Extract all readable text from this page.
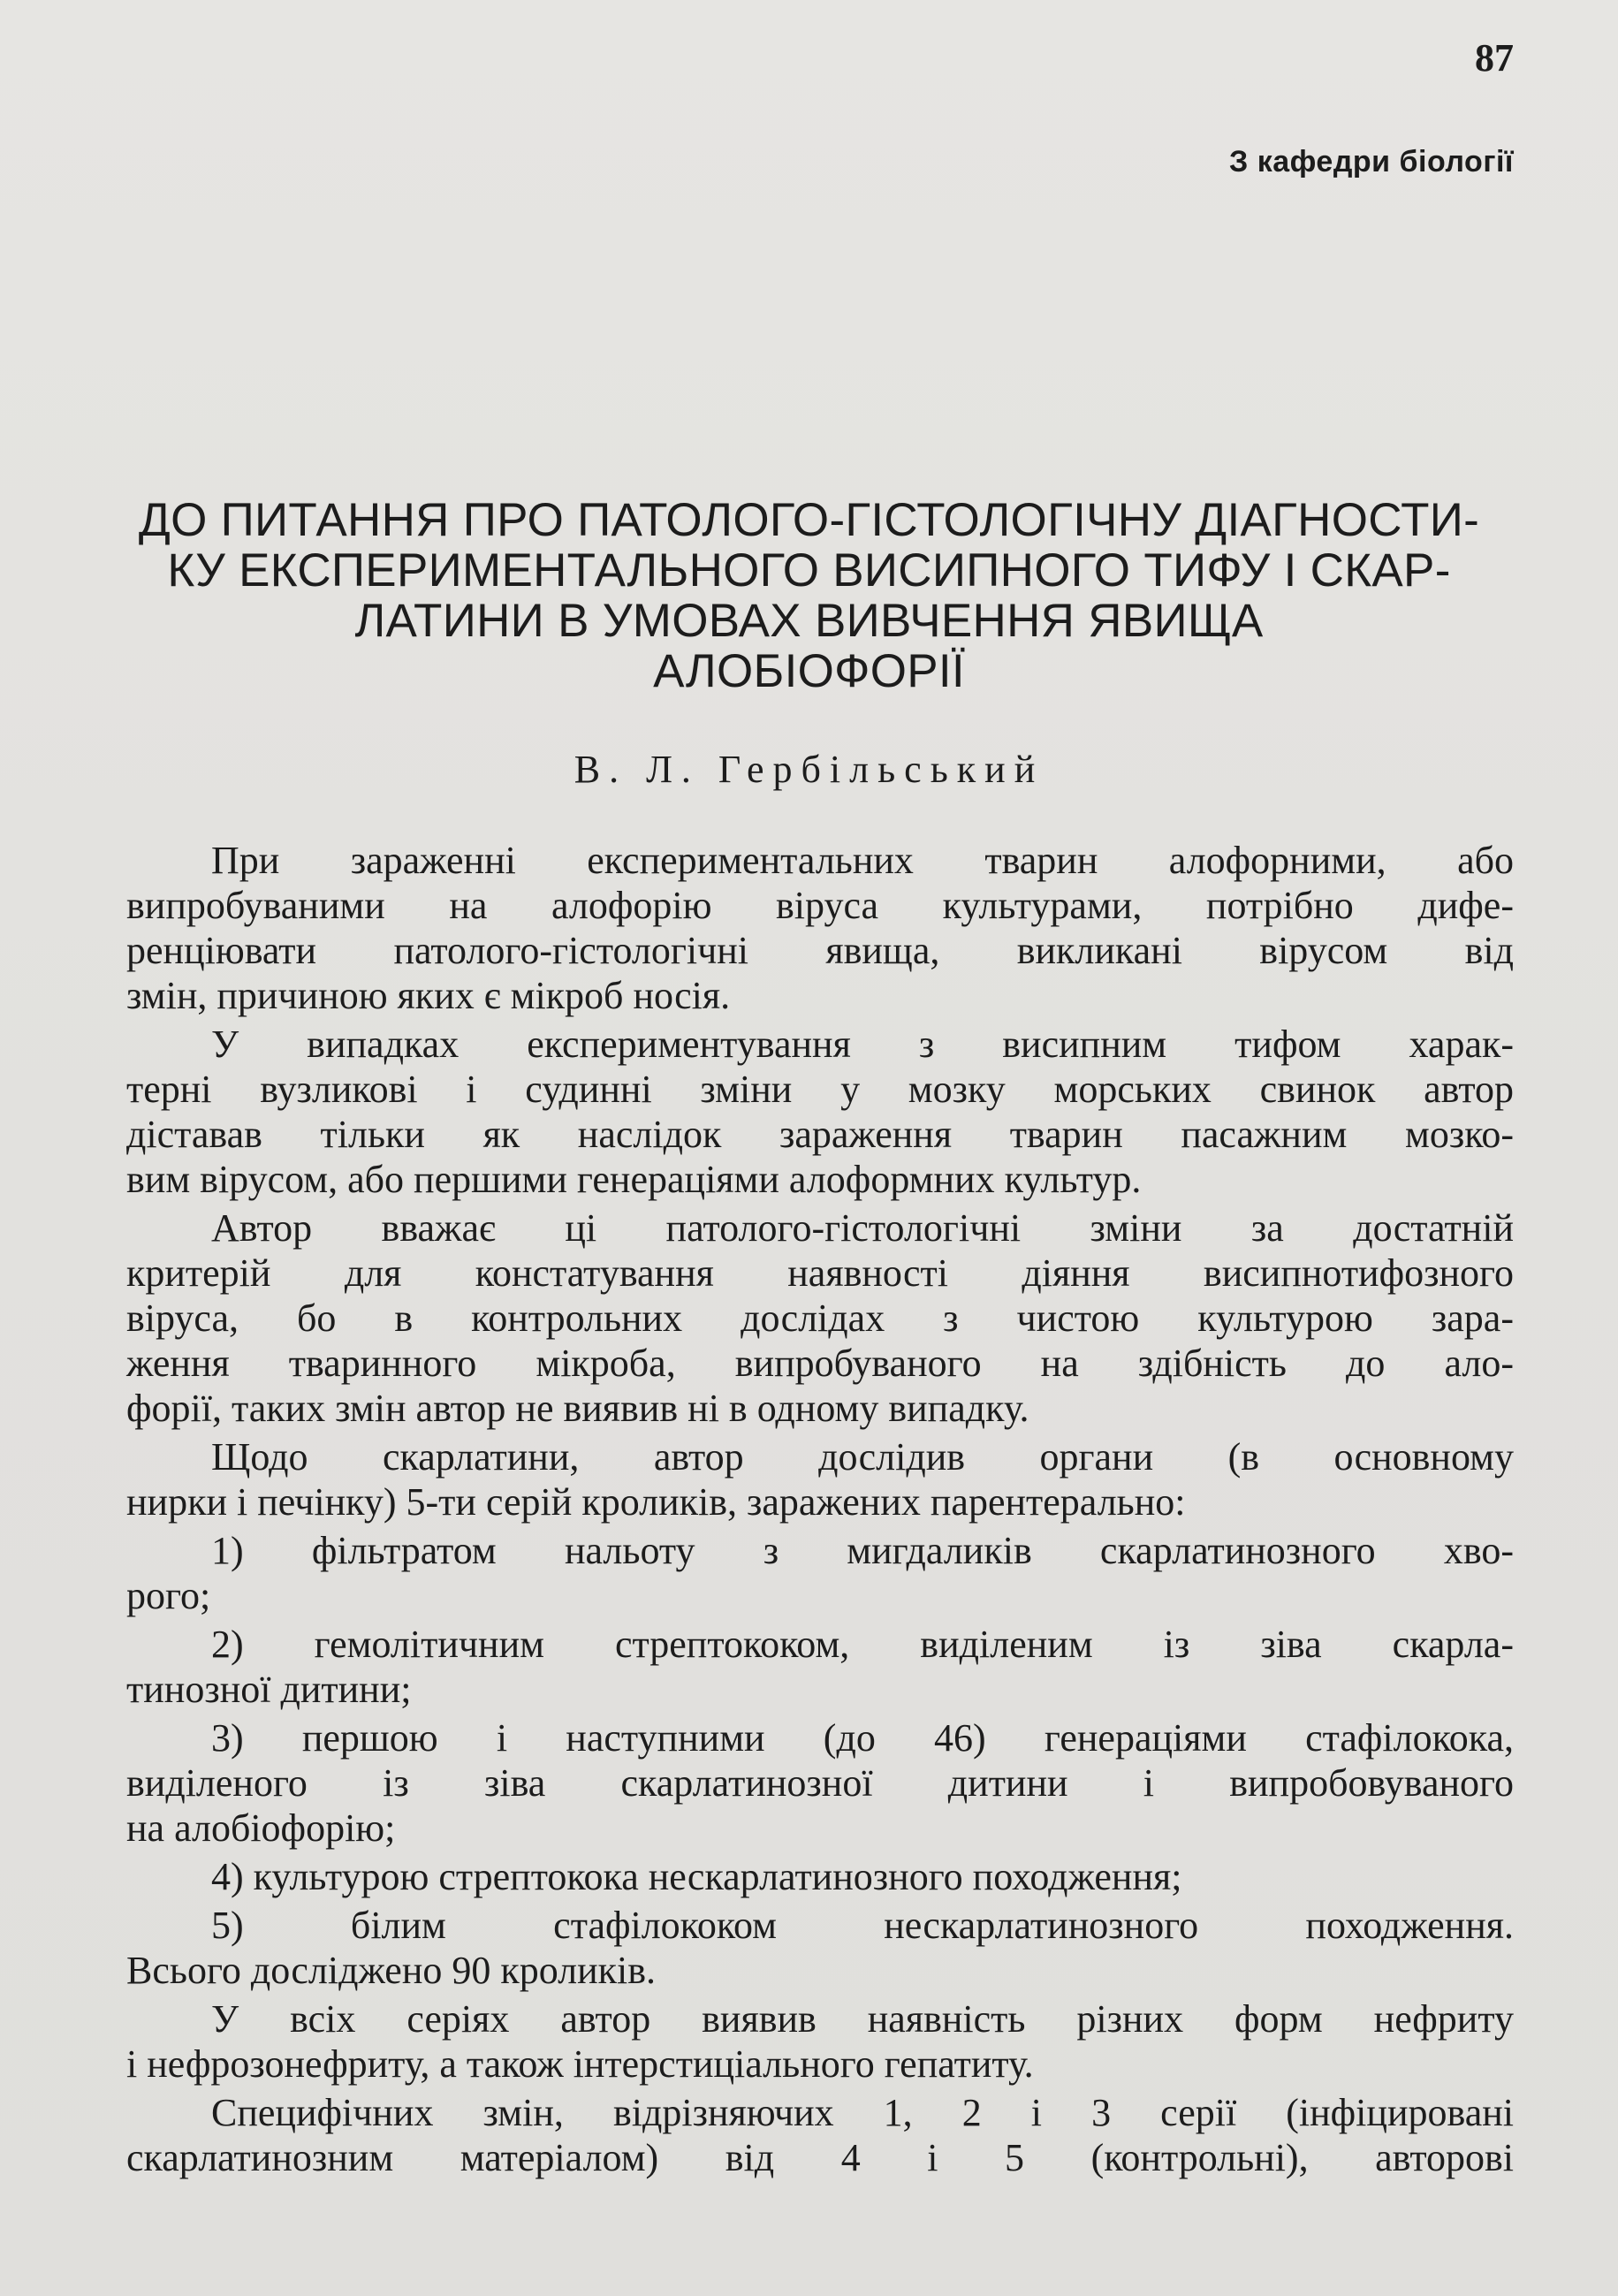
87
З кафедри біології
ДО ПИТАННЯ ПРО ПАТОЛОГО-ГІСТОЛОГІЧНУ ДІАГНОСТИ-
КУ ЕКСПЕРИМЕНТАЛЬНОГО ВИСИПНОГО ТИФУ І СКАР-
ЛАТИНИ В УМОВАХ ВИВЧЕННЯ ЯВИЩА
АЛОБІОФОРІЇ
В. Л. Гербільський

При зараженні експериментальних тварин алофорними, або
випробуваними на алофорію віруса культурами, потрібно дифе-
ренціювати патолого-гістологічні явища, викликані вірусом від
змін, причиною яких є мікроб носія.

У випадках експериментування з висипним тифом харак-
терні вузликові і судинні зміни у мозку морських свинок автор
діставав тільки як наслідок зараження тварин пасажним мозко-
вим вірусом, або першими генераціями алоформних культур.

Автор вважає ці патолого-гістологічні зміни за достатній
критерій для констатування наявності діяння висипнотифозного
віруса, бо в контрольних дослідах з чистою культурою зара-
ження тваринного мікроба, випробуваного на здібність до ало-
форії, таких змін автор не виявив ні в одному випадку.

Щодо скарлатини, автор дослідив органи (в основному
нирки і печінку) 5-ти серій кроликів, заражених парентерально:

1) фільтратом нальоту з мигдаликів скарлатинозного хво-
рого;

2) гемолітичним стрептококом, виділеним із зіва скарла-
тинозної дитини;

3) першою і наступними (до 46) генераціями стафілокока,
виділеного із зіва скарлатинозної дитини і випробовуваного
на алобіофорію;

4) культурою стрептокока нескарлатинозного походження;

5) білим стафілококом нескарлатинозного походження.
Всього досліджено 90 кроликів.

У всіх серіях автор виявив наявність різних форм нефриту
і нефрозонефриту, а також інтерстиціального гепатиту.

Специфічних змін, відрізняючих 1, 2 і 3 серії (інфіцировані
скарлатинозним матеріалом) від 4 і 5 (контрольні), авторові
